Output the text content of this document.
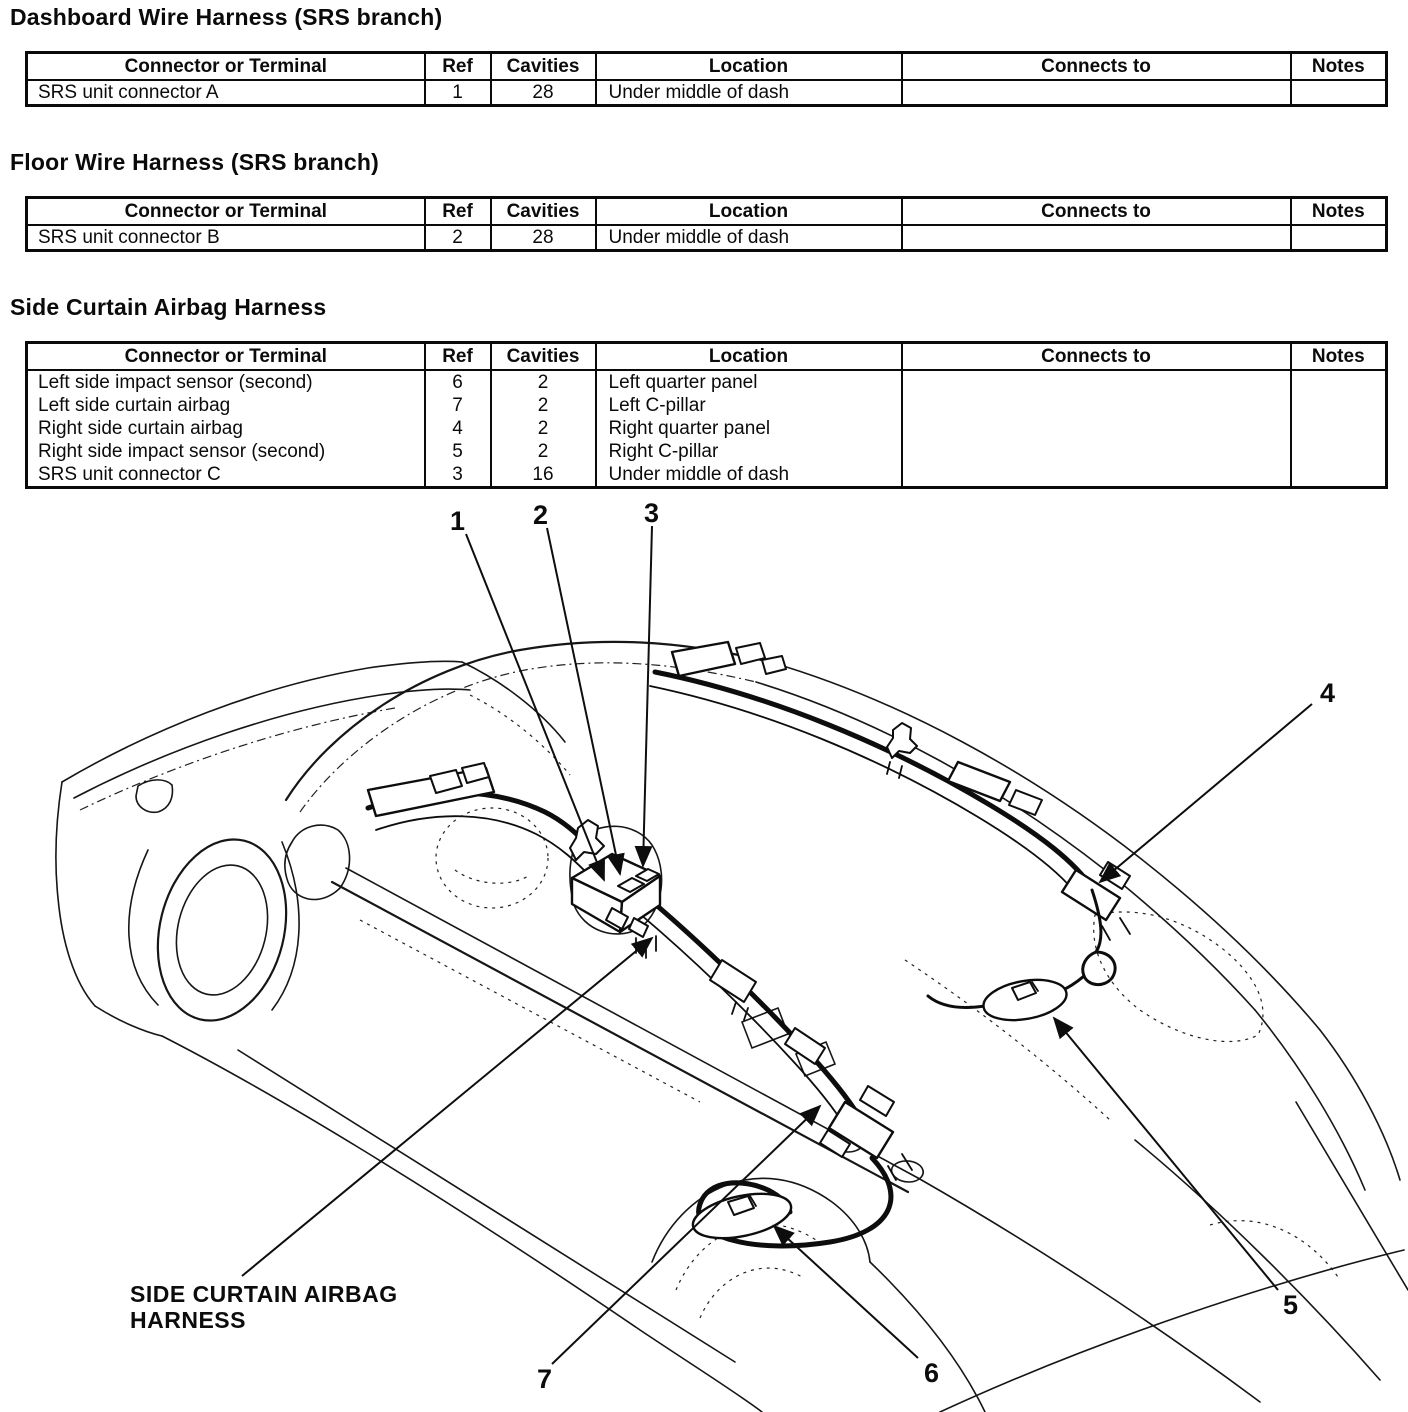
Dashboard Wire Harness (SRS branch)
Connector or Terminal	Ref	Cavities	Location	Connects to	Notes
SRS unit connector A	1	28	Under middle of dash		
Floor Wire Harness (SRS branch)
Connector or Terminal	Ref	Cavities	Location	Connects to	Notes
SRS unit connector B	2	28	Under middle of dash		
Side Curtain Airbag Harness
Connector or Terminal	Ref	Cavities	Location	Connects to	Notes
Left side impact sensor (second)	6	2	Left quarter panel		
Left side curtain airbag	7	2	Left C-pillar		
Right side curtain airbag	4	2	Right quarter panel		
Right side impact sensor (second)	5	2	Right C-pillar		
SRS unit connector C	3	16	Under middle of dash		
1	2	3
4
5
6
7
SIDE CURTAIN AIRBAG
HARNESS
